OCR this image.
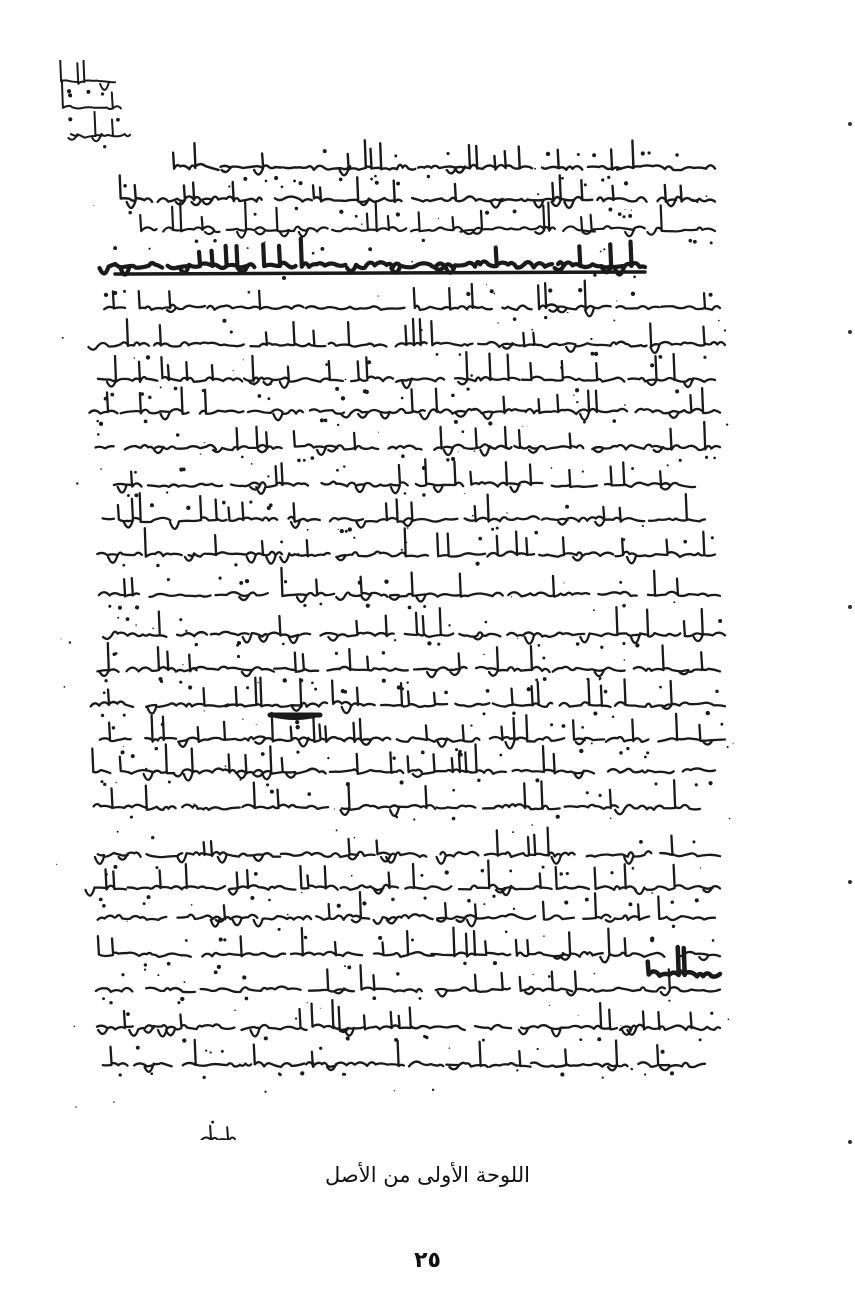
اللوحة الأولى من الأصل
٢٥
